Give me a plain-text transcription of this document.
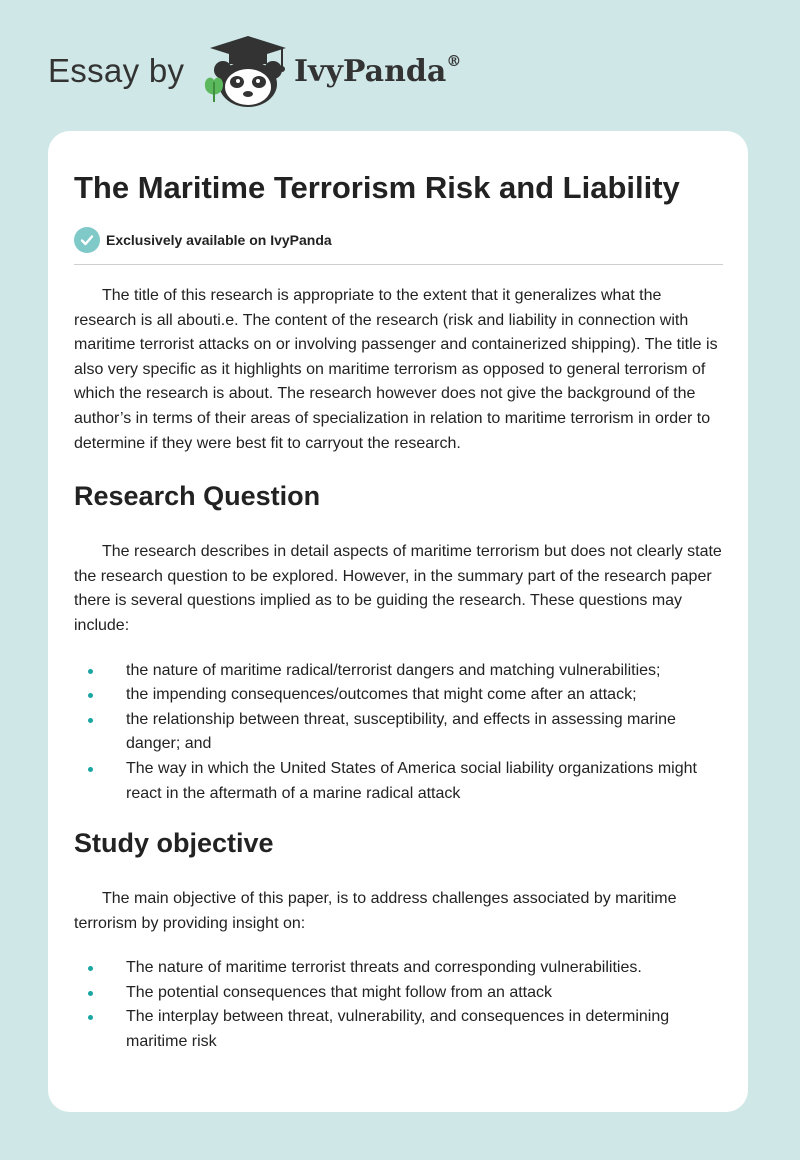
Essay by	IvyPanda®
The Maritime Terrorism Risk and Liability
Exclusively available on IvyPanda

The title of this research is appropriate to the extent that it generalizes what the research is all abouti.e. The content of the research (risk and liability in connection with maritime terrorist attacks on or involving passenger and containerized shipping). The title is also very specific as it highlights on maritime terrorism as opposed to general terrorism of which the research is about. The research however does not give the background of the author’s in terms of their areas of specialization in relation to maritime terrorism in order to determine if they were best fit to carryout the research.

Research Question

The research describes in detail aspects of maritime terrorism but does not clearly state the research question to be explored. However, in the summary part of the research paper there is several questions implied as to be guiding the research. These questions may include:

the nature of maritime radical/terrorist dangers and matching vulnerabilities;
the impending consequences/outcomes that might come after an attack;
the relationship between threat, susceptibility, and effects in assessing marine danger; and
The way in which the United States of America social liability organizations might react in the aftermath of a marine radical attack
Study objective

The main objective of this paper, is to address challenges associated by maritime terrorism by providing insight on:

The nature of maritime terrorist threats and corresponding vulnerabilities.
The potential consequences that might follow from an attack
The interplay between threat, vulnerability, and consequences in determining maritime risk
